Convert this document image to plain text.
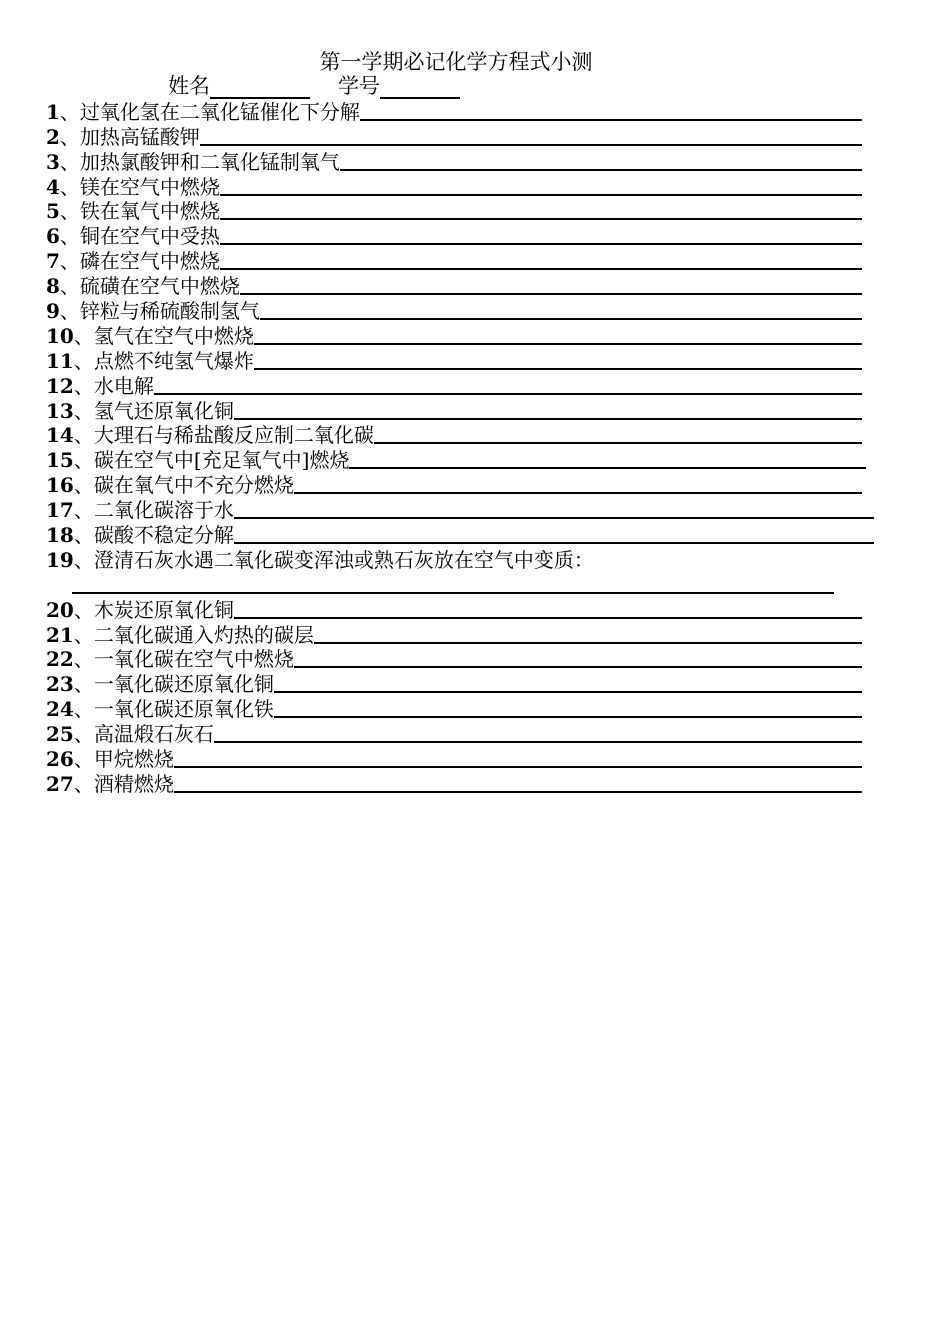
第一学期必记化学方程式小测
姓名	学号
1 、 过氧化氢在二氧化锰催化下分解
2 、 加热高锰酸钾
3 、 加热氯酸钾和二氧化锰制氧气
4 、 镁在空气中燃烧
5 、 铁在氧气中燃烧
6 、 铜在空气中受热
7 、 磷在空气中燃烧
8 、 硫磺在空气中燃烧
9 、 锌粒与稀硫酸制氢气
10 、 氢气在空气中燃烧
11 、 点燃不纯氢气爆炸
12 、 水电解
13 、 氢气还原氧化铜
14 、 大理石与稀盐酸反应制二氧化碳
15 、 碳在空气中[充足氧气中]燃烧
16 、 碳在氧气中不充分燃烧
17 、 二氧化碳溶于水
18 、 碳酸不稳定分解
19 、 澄清石灰水遇二氧化碳变浑浊或熟石灰放在空气中变质：
20 、 木炭还原氧化铜
21 、 二氧化碳通入灼热的碳层
22 、 一氧化碳在空气中燃烧
23 、 一氧化碳还原氧化铜
24 、 一氧化碳还原氧化铁
25 、 高温煅石灰石
26 、 甲烷燃烧
27 、 酒精燃烧
